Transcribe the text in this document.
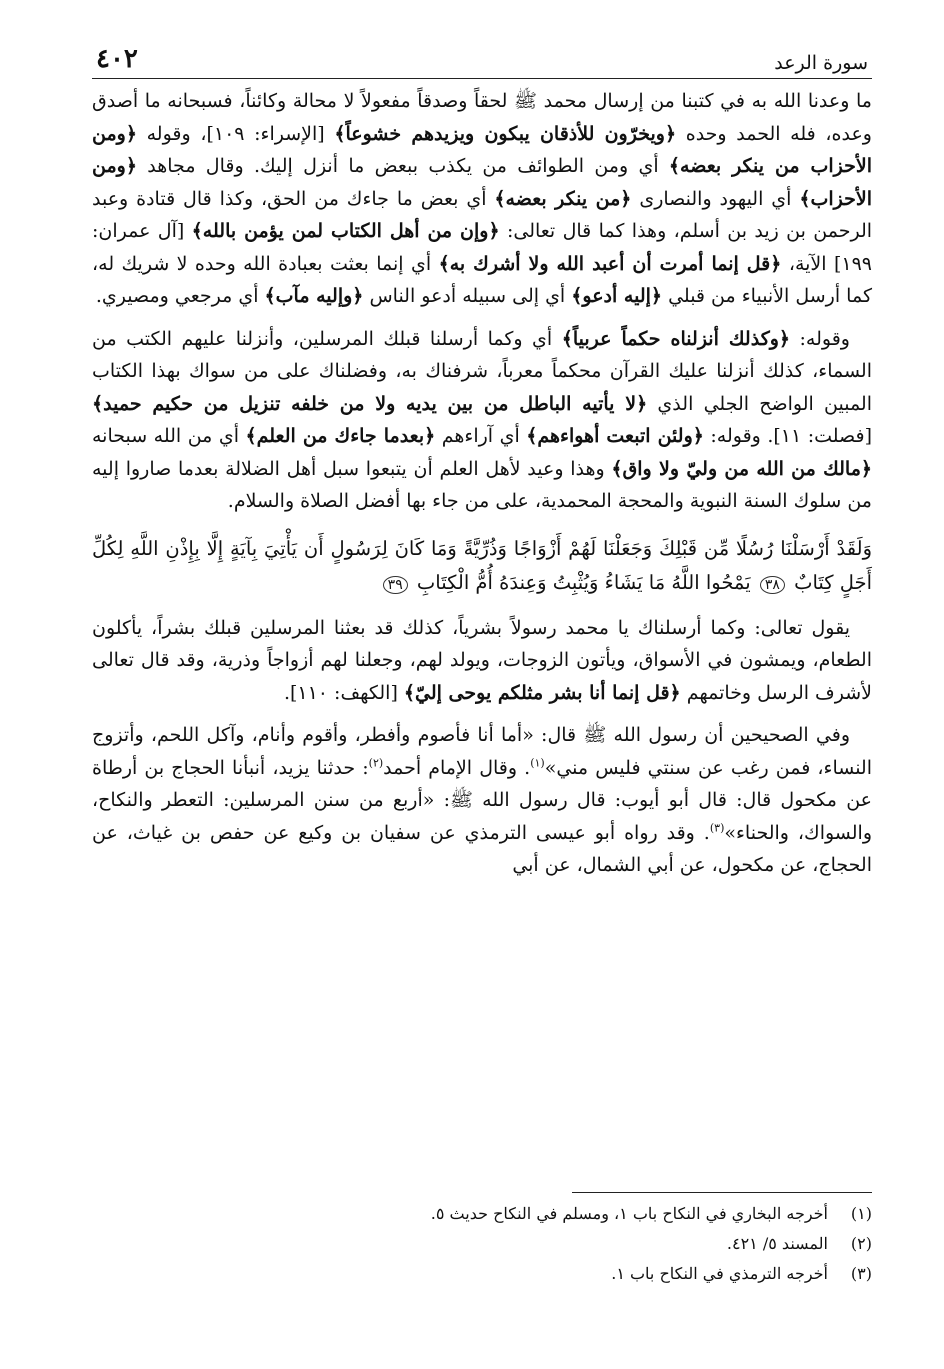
سورة الرعد
٤٠٢

ما وعدنا الله به في كتبنا من إرسال محمد ﷺ لحقاً وصدقاً مفعولاً لا محالة وكائناً، فسبحانه ما أصدق وعده، فله الحمد وحده ﴿ويخرّون للأذقان يبكون ويزيدهم خشوعاً﴾ [الإسراء: ١٠٩]، وقوله ﴿ومن الأحزاب من ينكر بعضه﴾ أي ومن الطوائف من يكذب ببعض ما أنزل إليك. وقال مجاهد ﴿ومن الأحزاب﴾ أي اليهود والنصارى ﴿من ينكر بعضه﴾ أي بعض ما جاءك من الحق، وكذا قال قتادة وعبد الرحمن بن زيد بن أسلم، وهذا كما قال تعالى: ﴿وإن من أهل الكتاب لمن يؤمن بالله﴾ [آل عمران: ١٩٩] الآية، ﴿قل إنما أمرت أن أعبد الله ولا أشرك به﴾ أي إنما بعثت بعبادة الله وحده لا شريك له، كما أرسل الأنبياء من قبلي ﴿إليه أدعو﴾ أي إلى سبيله أدعو الناس ﴿وإليه مآب﴾ أي مرجعي ومصيري.

وقوله: ﴿وكذلك أنزلناه حكماً عربياً﴾ أي وكما أرسلنا قبلك المرسلين، وأنزلنا عليهم الكتب من السماء، كذلك أنزلنا عليك القرآن محكماً معرباً، شرفناك به، وفضلناك على من سواك بهذا الكتاب المبين الواضح الجلي الذي ﴿لا يأتيه الباطل من بين يديه ولا من خلفه تنزيل من حكيم حميد﴾ [فصلت: ١١]. وقوله: ﴿ولئن اتبعت أهواءهم﴾ أي آراءهم ﴿بعدما جاءك من العلم﴾ أي من الله سبحانه ﴿مالك من الله من وليّ ولا واق﴾ وهذا وعيد لأهل العلم أن يتبعوا سبل أهل الضلالة بعدما صاروا إليه من سلوك السنة النبوية والمحجة المحمدية، على من جاء بها أفضل الصلاة والسلام.

وَلَقَدْ أَرْسَلْنَا رُسُلًا مِّن قَبْلِكَ وَجَعَلْنَا لَهُمْ أَزْوَاجًا وَذُرِّيَّةً وَمَا كَانَ لِرَسُولٍ أَن يَأْتِيَ بِآيَةٍ إِلَّا بِإِذْنِ اللَّهِ لِكُلِّ أَجَلٍ كِتَابٌ ٣٨ يَمْحُوا اللَّهُ مَا يَشَاءُ وَيُثْبِتُ وَعِندَهُ أُمُّ الْكِتَابِ ٣٩

يقول تعالى: وكما أرسلناك يا محمد رسولاً بشرياً، كذلك قد بعثنا المرسلين قبلك بشراً، يأكلون الطعام، ويمشون في الأسواق، ويأتون الزوجات، ويولد لهم، وجعلنا لهم أزواجاً وذرية، وقد قال تعالى لأشرف الرسل وخاتمهم ﴿قل إنما أنا بشر مثلكم يوحى إليّ﴾ [الكهف: ١١٠].

وفي الصحيحين أن رسول الله ﷺ قال: «أما أنا فأصوم وأفطر، وأقوم وأنام، وآكل اللحم، وأتزوج النساء، فمن رغب عن سنتي فليس مني»$^{(١)}$. وقال الإمام أحمد$^{(٢)}$: حدثنا يزيد، أنبأنا الحجاج بن أرطاة عن مكحول قال: قال أبو أيوب: قال رسول الله ﷺ: «أربع من سنن المرسلين: التعطر والنكاح، والسواك، والحناء»$^{(٣)}$. وقد رواه أبو عيسى الترمذي عن سفيان بن وكيع عن حفص بن غياث، عن الحجاج، عن مكحول، عن أبي الشمال، عن أبي

(١)
أخرجه البخاري في النكاح باب ١، ومسلم في النكاح حديث ٥.
(٢)
المسند ٥/ ٤٢١.
(٣)
أخرجه الترمذي في النكاح باب ١.
